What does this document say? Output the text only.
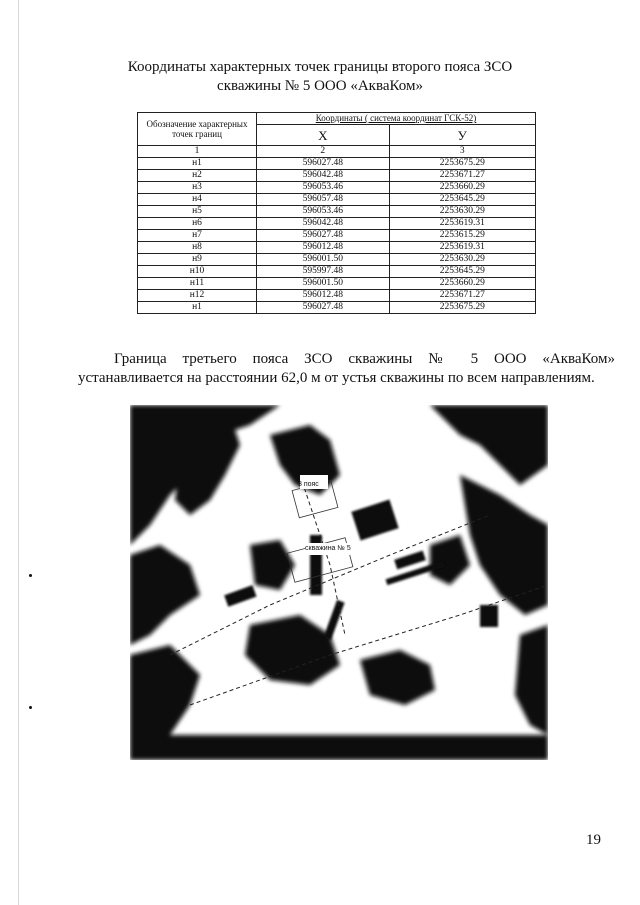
Координаты характерных точек границы второго пояса ЗСО
скважины № 5 ООО «АкваКом»
Обозначение характерных точек границ	Координаты ( система координат ГСК-52)	
	Х	У
1	2	3
н1	596027.48	2253675.29
н2	596042.48	2253671.27
н3	596053.46	2253660.29
н4	596057.48	2253645.29
н5	596053.46	2253630.29
н6	596042.48	2253619.31
н7	596027.48	2253615.29
н8	596012.48	2253619.31
н9	596001.50	2253630.29
н10	595997.48	2253645.29
н11	596001.50	2253660.29
н12	596012.48	2253671.27
н1	596027.48	2253675.29
Граница третьего пояса ЗСО скважины № 5 ООО «АкваКом»
устанавливается на расстоянии 62,0 м от устья скважины по всем направлениям.
3 пояс
скважина № 5
19
